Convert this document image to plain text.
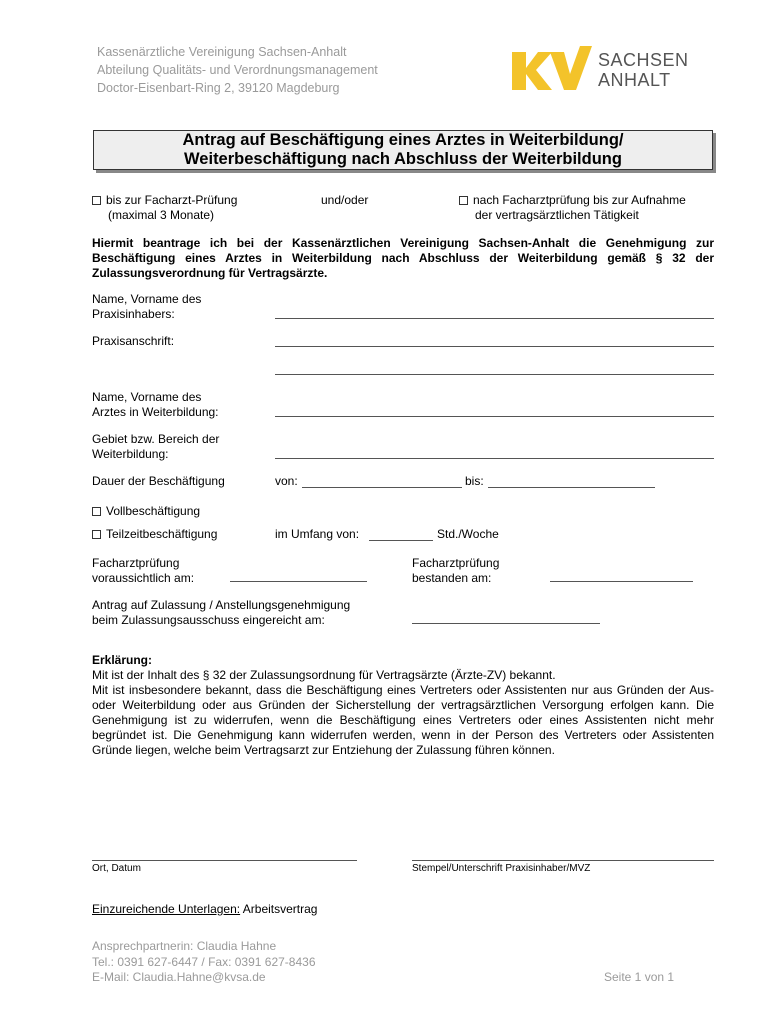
Kassenärztliche Vereinigung Sachsen-Anhalt
Abteilung Qualitäts- und Verordnungsmanagement
Doctor-Eisenbart-Ring 2, 39120 Magdeburg
SACHSEN
ANHALT
Antrag auf Beschäftigung eines Arztes in Weiterbildung/
Weiterbeschäftigung nach Abschluss der Weiterbildung
bis zur Facharzt-Prüfung
(maximal 3 Monate)
und/oder	nach Facharztprüfung bis zur Aufnahme
der vertragsärztlichen Tätigkeit
Hiermit beantrage ich bei der Kassenärztlichen Vereinigung Sachsen-Anhalt die Genehmigung zur Beschäftigung eines Arztes in Weiterbildung nach Abschluss der Weiterbildung gemäß § 32 der Zulassungsverordnung für Vertragsärzte.
Name, Vorname des
Praxisinhabers:
Praxisanschrift:
Name, Vorname des
Arztes in Weiterbildung:
Gebiet bzw. Bereich der
Weiterbildung:
Dauer der Beschäftigung	von:	bis:
Vollbeschäftigung
Teilzeitbeschäftigung	im Umfang von:	Std./Woche
Facharztprüfung
voraussichtlich am:
Facharztprüfung
bestanden am:
Antrag auf Zulassung / Anstellungsgenehmigung
beim Zulassungsausschuss eingereicht am:
Erklärung:
Mit ist der Inhalt des § 32 der Zulassungsordnung für Vertragsärzte (Ärzte-ZV) bekannt.
Mit ist insbesondere bekannt, dass die Beschäftigung eines Vertreters oder Assistenten nur aus Gründen der Aus- oder Weiterbildung oder aus Gründen der Sicherstellung der vertragsärztlichen Versorgung erfolgen kann. Die Genehmigung ist zu widerrufen, wenn die Beschäftigung eines Vertreters oder eines Assistenten nicht mehr begründet ist. Die Genehmigung kann widerrufen werden, wenn in der Person des Vertreters oder Assistenten Gründe liegen, welche beim Vertragsarzt zur Entziehung der Zulassung führen können.
Ort, Datum	Stempel/Unterschrift Praxisinhaber/MVZ
Einzureichende Unterlagen: Arbeitsvertrag
Ansprechpartnerin: Claudia Hahne
Tel.: 0391 627-6447 / Fax: 0391 627-8436
E-Mail: Claudia.Hahne@kvsa.de	Seite 1 von 1
